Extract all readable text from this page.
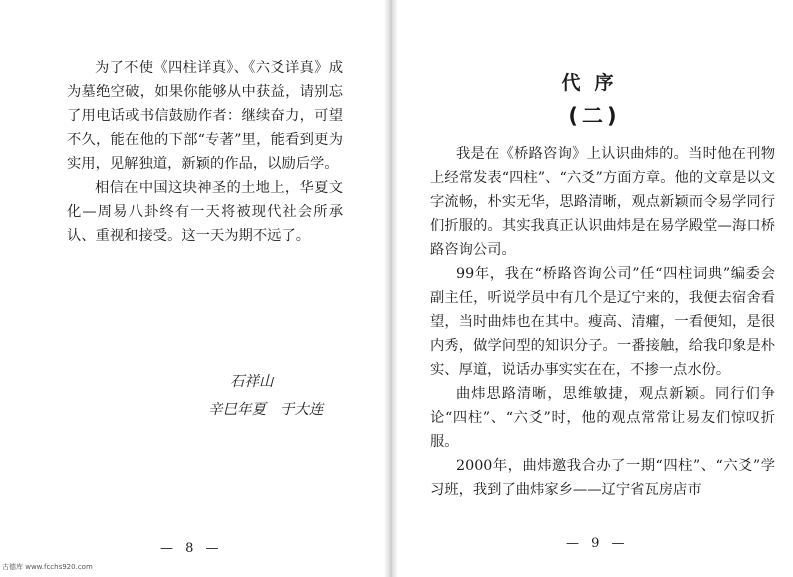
为了不使《四柱详真》、《六爻详真》成为墓绝空破，如果你能够从中获益，请别忘了用电话或书信鼓励作者：继续奋力，可望不久，能在他的下部“专著”里，能看到更为实用，见解独道，新颖的作品，以励后学。

相信在中国这块神圣的土地上，华夏文化—周易八卦终有一天将被现代社会所承认、重视和接受。这一天为期不远了。

石祥山
辛巳年夏   于大连
— 8 —
代序
(二)

我是在《桥路咨询》上认识曲炜的。当时他在刊物上经常发表“四柱”、“六爻”方面方章。他的文章是以文字流畅，朴实无华，思路清晰，观点新颖而令易学同行们折服的。其实我真正认识曲炜是在易学殿堂—海口桥路咨询公司。

99年，我在“桥路咨询公司”任“四柱词典”编委会副主任，听说学员中有几个是辽宁来的，我便去宿舍看望，当时曲炜也在其中。瘦高、清癯，一看便知，是很内秀，做学问型的知识分子。一番接触，给我印象是朴实、厚道，说话办事实实在在，不掺一点水份。

曲炜思路清晰，思维敏捷，观点新颖。同行们争论“四柱”、“六爻”时，他的观点常常让易友们惊叹折服。

2000年，曲炜邀我合办了一期“四柱”、“六爻”学习班，我到了曲炜家乡——辽宁省瓦房店市

— 9 —
古德库 www.fcchs920.com
